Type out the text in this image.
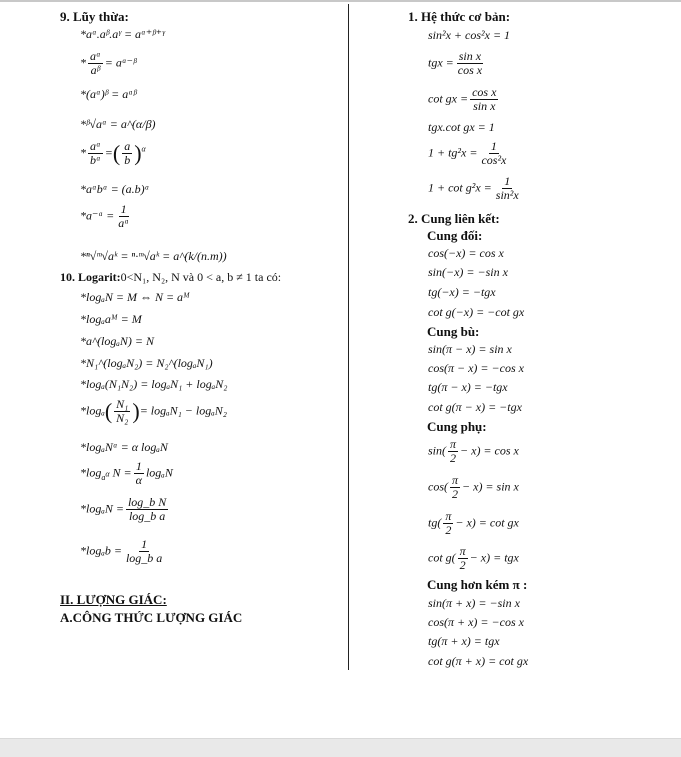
9. Lũy thừa:
*aᵅ.aᵝ.aᵞ = aᵅ⁺ᵝ⁺ᵞ
* $\frac{\text{aᵅ}}{\text{aᵝ}}$ = aᵅ⁻ᵝ
*(aᵅ)ᵝ = aᵅᵝ
*ᵝ√aᵅ = a^(α/β)
* $\frac{\text{aᵅ}}{\text{bᵅ}}$ =( $\frac{a}{b} )^\alpha$
*aᵅbᵅ = (a.b)ᵅ
*a⁻ᵅ = $\frac{1}{\text{aᵅ}}$
*ⁿ√ᵐ√aᵏ = ⁿ·ᵐ√aᵏ = a^(k/(n.m))
10. Logarit:0<N₁, N₂, N và 0 < a, b ≠ 1 ta có:
*logₐN = M ⇔ N = aᴹ
*logₐaᴹ = M
*a^(logₐN) = N
*N₁^(logₐN₂) = N₂^(logₐN₁)
*logₐ(N₁N₂) = logₐN₁ + logₐN₂
$*\log_a( \frac{\text{N₁}}{\text{N₂}}$ )= logₐN₁ − logₐN₂
*logₐNᵅ = α logₐN
$*\log_{a^\alpha}$ $N = \frac{1}{\alpha}$ logₐN
$*\log_aN = \frac{\text{log\_b N}}{\text{log\_b a}}$
$*\log_ab = \frac{1}{\text{log\_b a}}$
II. LƯỢNG GIÁC:
A.CÔNG THỨC LƯỢNG GIÁC
1. Hệ thức cơ bản:
sin²x + cos²x = 1
tgx = $\frac{\text{sin x}}{\text{cos x}}$
cot gx = $\frac{\text{cos x}}{\text{sin x}}$
tgx.cot gx = 1
$1 + tg^2x = \frac{1}{\text{cos²x}}$
$1 + \cot g^2x = \frac{1}{\text{sin²x}}$
2. Cung liên kết:
Cung đối:
cos(−x) = cos x
sin(−x) = −sin x
tg(−x) = −tgx
cot g(−x) = −cot gx
Cung bù:
sin(π − x) = sin x
cos(π − x) = −cos x
tg(π − x) = −tgx
cot g(π − x) = −tgx
Cung phụ:
$\sin( \frac{\pi}{2} - x) = \cos x$
$\cos( \frac{\pi}{2} - x) = \sin x$
$tg( \frac{\pi}{2} - x) = \cot$ gx
$\cot g( \frac{\pi}{2} - x)$ = tgx
Cung hơn kém π :
sin(π + x) = −sin x
cos(π + x) = −cos x
tg(π + x) = tgx
cot g(π + x) = cot gx
